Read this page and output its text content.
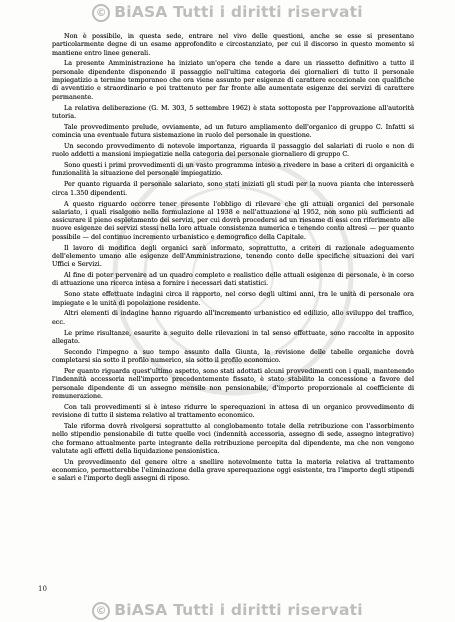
© BiASA Tutti i diritti riservati

Non è possibile, in questa sede, entrare nel vivo delle questioni, anche se esse si presentano particolarmente degne di un esame approfondito e circostanziato, per cui il discorso in questo momento si mantiene entro linee generali.

La presente Amministrazione ha iniziato un'opera che tende a dare un riassetto definitivo a tutto il personale dipendente disponendo il passaggio nell'ultima categoria dei giornalieri di tutto il personale impiegatizio a termine temporaneo che ora viene assunto per esigenze di carattere eccezionale con qualifiche di avventizio e straordinario e poi trattenuto per far fronte alle aumentate esigenze dei servizi di carattere permanente.

La relativa deliberazione (G. M. 303, 5 settembre 1962) è stata sottoposta per l'approvazione all'autorità tutoria.

Tale provvedimento prelude, ovviamente, ad un futuro ampliamento dell'organico di gruppo C. Infatti si comincia una eventuale futura sistemazione in ruolo del personale in questione.

Un secondo provvedimento di notevole importanza, riguarda il passaggio del salariati di ruolo e non di ruolo addetti a mansioni impiegatizie nella categoria del personale giornaliero di gruppo C.

Sono questi i primi provvedimenti di un vasto programma inteso a rivedere in base a criteri di organicità e funzionalità la situazione del personale impiegatizio.

Per quanto riguarda il personale salariato, sono stati iniziati gli studi per la nuova pianta che interesserà circa 1.350 dipendenti.

A questo riguardo occorre tener presente l'obbligo di rilevare che gli attuali organici del personale salariato, i quali risalgono nella formulazione al 1938 e nell'attuazione al 1952, non sono più sufficienti ad assicurare il pieno espletamento dei servizi, per cui dovrà procedersi ad un riesame di essi con riferimento alle nuove esigenze dei servizi stessi nella loro attuale consistenza numerica e tenendo conto altresì — per quanto possibile — del continuo incremento urbanistico e demografico della Capitale.

Il lavoro di modifica degli organici sarà informato, soprattutto, a criteri di razionale adeguamento dell'elemento umano alle esigenze dell'Amministrazione, tenendo conto delle specifiche situazioni dei vari Uffici e Servizi.

Al fine di poter pervenire ad un quadro completo e realistico delle attuali esigenze di personale, è in corso di attuazione una ricerca intesa a fornire i necessari dati statistici.

Sono state effettuate indagini circa il rapporto, nel corso degli ultimi anni, tra le unità di personale ora impiegate e le unità di popolazione residente.

Altri elementi di indagine hanno riguardo all'incremento urbanistico ed edilizio, allo sviluppo del traffico, ecc.

Le prime risultanze, esaurite a seguito delle rilevazioni in tal senso effettuate, sono raccolte in apposito allegato.

Secondo l'impegno a suo tempo assunto dalla Giunta, la revisione delle tabelle organiche dovrà completarsi sia sotto il profilo numerico, sia sotto il profilo economico.

Per quanto riguarda quest'ultimo aspetto, sono stati adottati alcuni provvedimenti con i quali, mantenendo l'indennità accessoria nell'importo precedentemente fissato, è stato stabilito la concessione a favore del personale dipendente di un assegno mensile non pensionabile, d'importo proporzionale al coefficiente di remunerazione.

Con tali provvedimenti si è inteso ridurre le sperequazioni in attesa di un organico provvedimento di revisione di tutto il sistema relativo al trattamento economico.

Tale riforma dovrà rivolgersi soprattutto al conglobamento totale della retribuzione con l'assorbimento nello stipendio pensionabile di tutte quelle voci (indennità accessoria, assegno di sede, assegno integrativo) che formano attualmente parte integrante della retribuzione percepita dal dipendente, ma che non vengono valutate agli effetti della liquidazione pensionistica.

Un provvedimento del genere oltre a snellire notevolmente tutta la materia relativa al trattamento economico, permetterebbe l'eliminazione della grave sperequazione oggi esistente, tra l'importo degli stipendi e salari e l'importo degli assegni di riposo.

10
© BiASA Tutti i diritti riservati
